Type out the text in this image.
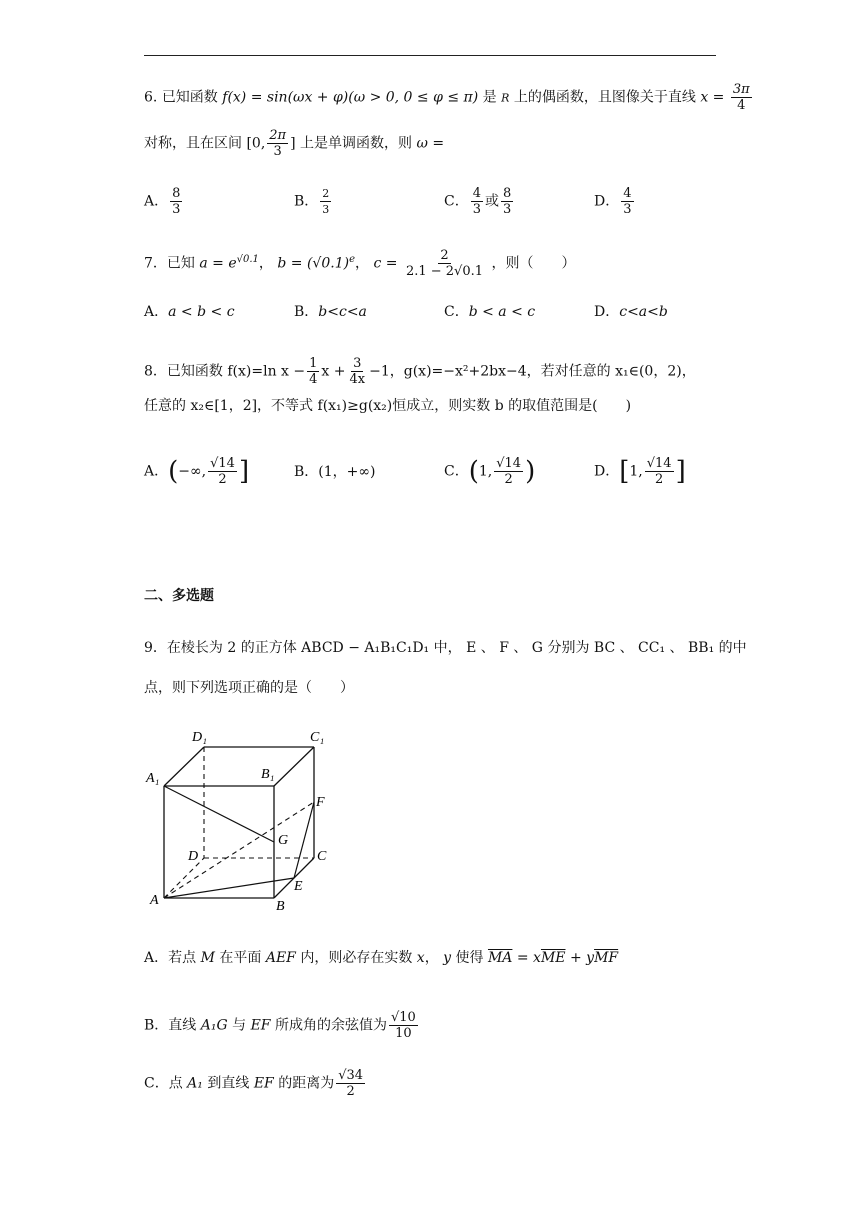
6. 已知函数 f(x) = sin(ωx + φ)(ω > 0, 0 ≤ φ ≤ π) 是 R 上的偶函数，且图像关于直线 $x = \frac{3\pi}{4}$
对称，且在区间 [0, $\frac{2\pi}{3}$ ] 上是单调函数，则 ω =
A． $\frac{8}{3}$	B． $\frac{2}{3}$	C． $\frac{4}{3}$ 或 $\frac{8}{3}$	D． $\frac{4}{3}$
7．已知 $a = e^{√0.1}$， $b = (√0.1)^e$， $c = \frac{2}{2.1 - 2√0.1}$ ，则（　　）
A．a < b < c	B．b<c<a	C．b < a < c	D．c<a<b
8．已知函数 f(x)=ln $x - \frac{1}{4}$ $x + \frac{3}{4x} -1$，g(x)=−x²+2bx−4，若对任意的 x₁∈(0，2)，
任意的 x₂∈[1，2]，不等式 f(x₁)≥g(x₂)恒成立，则实数 b 的取值范围是(　　)
A．(−∞, $\frac{√14}{2}$ ]	B．(1，+∞)	C．(1, $\frac{√14}{2}$ )	D．[1, $\frac{√14}{2}$ ]
二、多选题
9．在棱长为 2 的正方体 ABCD − A₁B₁C₁D₁ 中， E 、 F 、 G 分别为 BC 、 CC₁ 、 BB₁ 的中
点，则下列选项正确的是（　　）
D₁	C₁
A₁	B₁
F
G
D	C
E
A	B
A．若点 M 在平面 AEF 内，则必存在实数 x， y 使得 $\overline{MA} = x\overline{ME} + y\overline{MF}$
B．直线 A₁G 与 EF 所成角的余弦值为 $\frac{√10}{10}$
C．点 A₁ 到直线 EF 的距离为 $\frac{√34}{2}$
